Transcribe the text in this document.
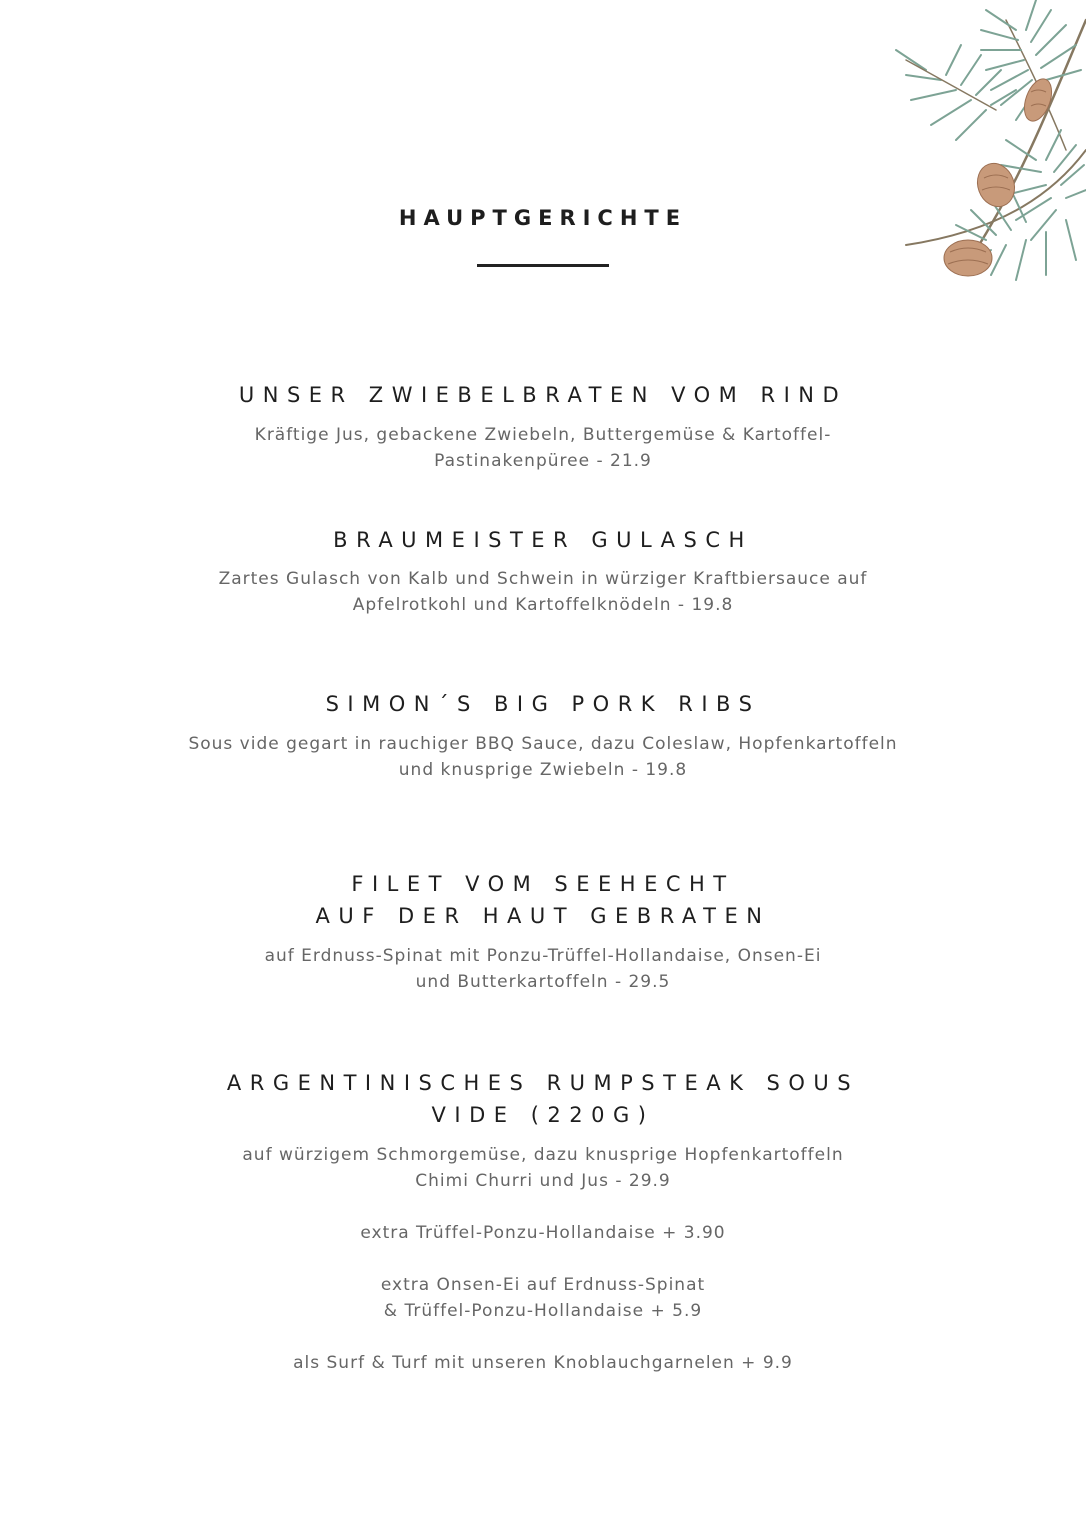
HAUPTGERICHTE
UNSER ZWIEBELBRATEN VOM RIND
Kräftige Jus, gebackene Zwiebeln, Buttergemüse & Kartoffel-
Pastinakenpüree - 21.9
BRAUMEISTER GULASCH
Zartes Gulasch von Kalb und Schwein in würziger Kraftbiersauce auf
Apfelrotkohl und Kartoffelknödeln - 19.8
SIMON´S BIG PORK RIBS
Sous vide gegart in rauchiger BBQ Sauce, dazu Coleslaw, Hopfenkartoffeln
und knusprige Zwiebeln - 19.8
FILET VOM SEEHECHT
AUF DER HAUT GEBRATEN
auf Erdnuss-Spinat mit Ponzu-Trüffel-Hollandaise, Onsen-Ei
und Butterkartoffeln - 29.5
ARGENTINISCHES RUMPSTEAK SOUS
VIDE (220G)
auf würzigem Schmorgemüse, dazu knusprige Hopfenkartoffeln
Chimi Churri und Jus - 29.9
extra Trüffel-Ponzu-Hollandaise + 3.90
extra Onsen-Ei auf Erdnuss-Spinat
& Trüffel-Ponzu-Hollandaise + 5.9
als Surf & Turf mit unseren Knoblauchgarnelen + 9.9
